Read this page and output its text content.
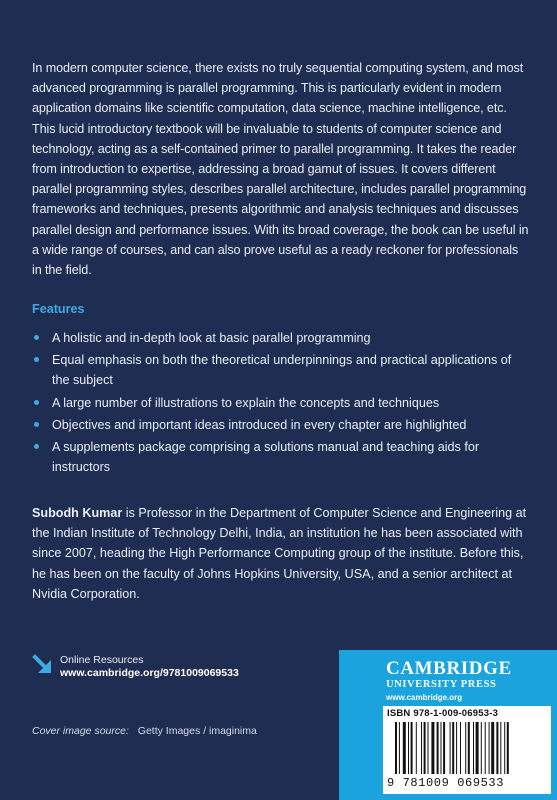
In modern computer science, there exists no truly sequential computing system, and most advanced programming is parallel programming. This is particularly evident in modern application domains like scientific computation, data science, machine intelligence, etc. This lucid introductory textbook will be invaluable to students of computer science and technology, acting as a self-contained primer to parallel programming. It takes the reader from introduction to expertise, addressing a broad gamut of issues. It covers different parallel programming styles, describes parallel architecture, includes parallel programming frameworks and techniques, presents algorithmic and analysis techniques and discusses parallel design and performance issues. With its broad coverage, the book can be useful in a wide range of courses, and can also prove useful as a ready reckoner for professionals in the field.

Features
A holistic and in-depth look at basic parallel programming
Equal emphasis on both the theoretical underpinnings and practical applications of the subject
A large number of illustrations to explain the concepts and techniques
Objectives and important ideas introduced in every chapter are highlighted
A supplements package comprising a solutions manual and teaching aids for instructors

Subodh Kumar is Professor in the Department of Computer Science and Engineering at the Indian Institute of Technology Delhi, India, an institution he has been associated with since 2007, heading the High Performance Computing group of the institute. Before this, he has been on the faculty of Johns Hopkins University, USA, and a senior architect at Nvidia Corporation.

Online Resources
www.cambridge.org/9781009069533
Cover image source: Getty Images / imaginima

CAMBRIDGE

UNIVERSITY PRESS

www.cambridge.org

ISBN 978-1-009-06953-3
9 781009 069533
